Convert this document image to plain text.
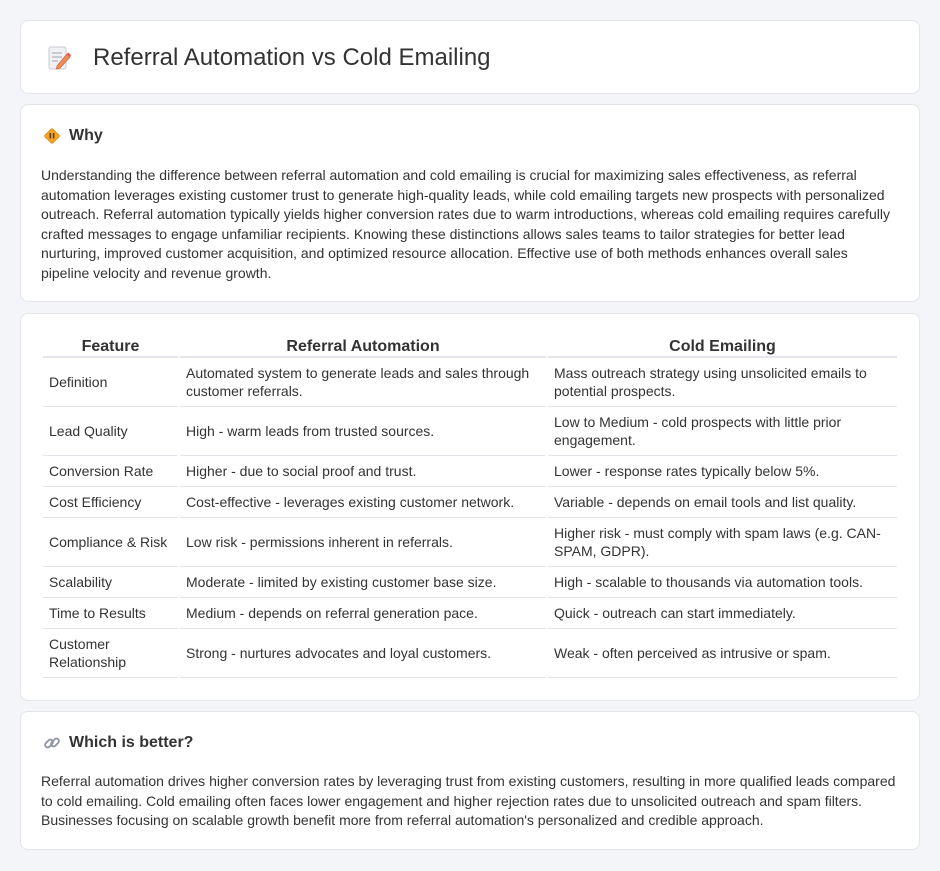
Referral Automation vs Cold Emailing
Why

Understanding the difference between referral automation and cold emailing is crucial for maximizing sales effectiveness, as referral automation leverages existing customer trust to generate high-quality leads, while cold emailing targets new prospects with personalized outreach. Referral automation typically yields higher conversion rates due to warm introductions, whereas cold emailing requires carefully crafted messages to engage unfamiliar recipients. Knowing these distinctions allows sales teams to tailor strategies for better lead nurturing, improved customer acquisition, and optimized resource allocation. Effective use of both methods enhances overall sales pipeline velocity and revenue growth.

Feature	Referral Automation	Cold Emailing
Definition	Automated system to generate leads and sales through customer referrals.	Mass outreach strategy using unsolicited emails to potential prospects.
Lead Quality	High - warm leads from trusted sources.	Low to Medium - cold prospects with little prior engagement.
Conversion Rate	Higher - due to social proof and trust.	Lower - response rates typically below 5%.
Cost Efficiency	Cost-effective - leverages existing customer network.	Variable - depends on email tools and list quality.
Compliance & Risk	Low risk - permissions inherent in referrals.	Higher risk - must comply with spam laws (e.g. CAN-SPAM, GDPR).
Scalability	Moderate - limited by existing customer base size.	High - scalable to thousands via automation tools.
Time to Results	Medium - depends on referral generation pace.	Quick - outreach can start immediately.
Customer Relationship	Strong - nurtures advocates and loyal customers.	Weak - often perceived as intrusive or spam.
Which is better?

Referral automation drives higher conversion rates by leveraging trust from existing customers, resulting in more qualified leads compared to cold emailing. Cold emailing often faces lower engagement and higher rejection rates due to unsolicited outreach and spam filters. Businesses focusing on scalable growth benefit more from referral automation's personalized and credible approach.
